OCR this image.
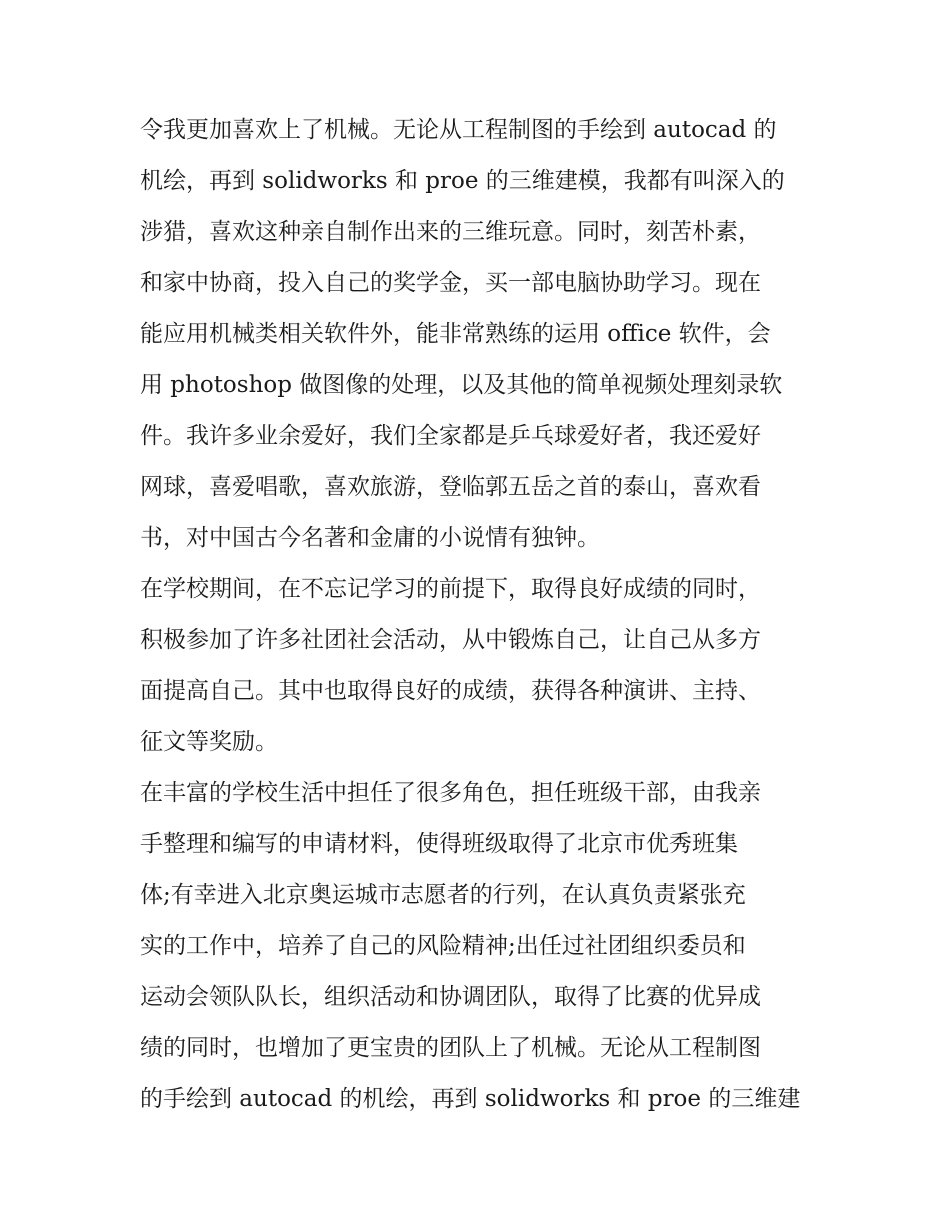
令我更加喜欢上了机械。无论从工程制图的手绘到 autocad 的
机绘，再到 solidworks 和 proe 的三维建模，我都有叫深入的
涉猎，喜欢这种亲自制作出来的三维玩意。同时，刻苦朴素，
和家中协商，投入自己的奖学金，买一部电脑协助学习。现在
能应用机械类相关软件外，能非常熟练的运用 office 软件，会
用 photoshop 做图像的处理，以及其他的简单视频处理刻录软
件。我许多业余爱好，我们全家都是乒乓球爱好者，我还爱好
网球，喜爱唱歌，喜欢旅游，登临郭五岳之首的泰山，喜欢看
书，对中国古今名著和金庸的小说情有独钟。
在学校期间，在不忘记学习的前提下，取得良好成绩的同时，
积极参加了许多社团社会活动，从中锻炼自己，让自己从多方
面提高自己。其中也取得良好的成绩，获得各种演讲、主持、
征文等奖励。
在丰富的学校生活中担任了很多角色，担任班级干部，由我亲
手整理和编写的申请材料，使得班级取得了北京市优秀班集
体;有幸进入北京奥运城市志愿者的行列，在认真负责紧张充
实的工作中，培养了自己的风险精神;出任过社团组织委员和
运动会领队队长，组织活动和协调团队，取得了比赛的优异成
绩的同时，也增加了更宝贵的团队上了机械。无论从工程制图
的手绘到 autocad 的机绘，再到 solidworks 和 proe 的三维建
